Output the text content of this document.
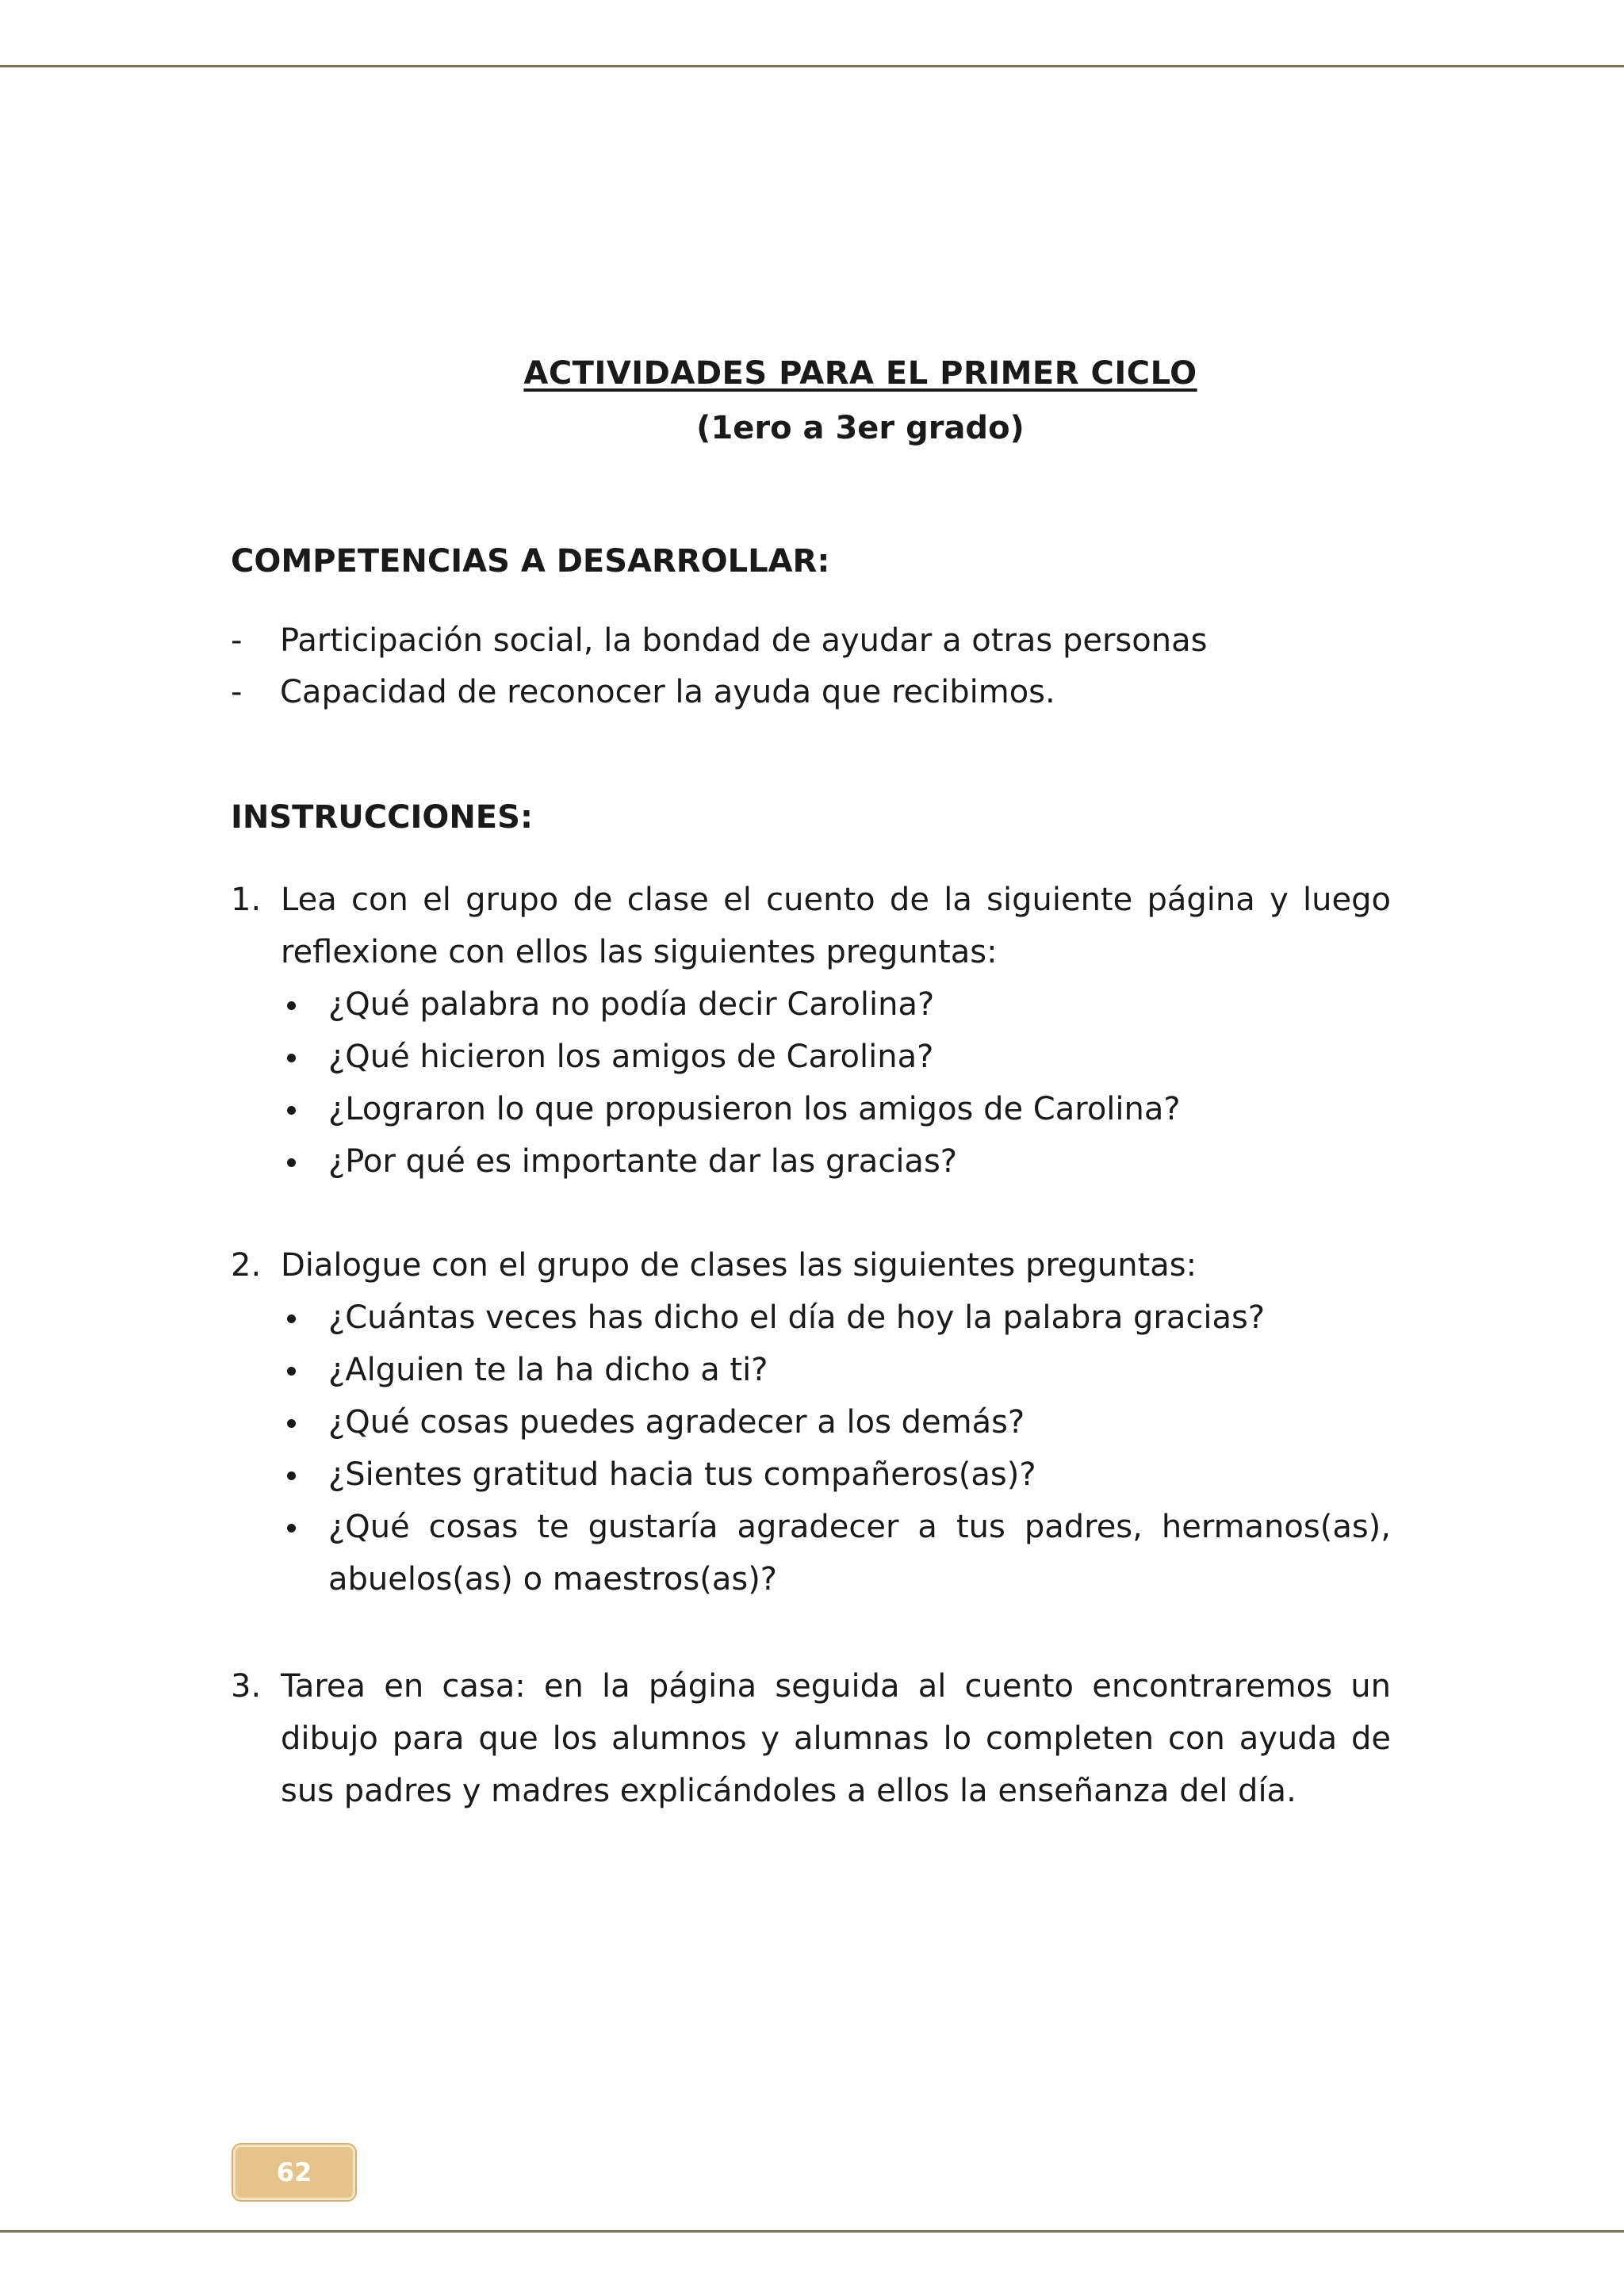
ACTIVIDADES PARA EL PRIMER CICLO
(1ero a 3er grado)
COMPETENCIAS A DESARROLLAR:
- Participación social, la bondad de ayudar a otras personas
- Capacidad de reconocer la ayuda que recibimos.
INSTRUCCIONES:
1. Lea con el grupo de clase el cuento de la siguiente página y luego reflexione con ellos las siguientes preguntas:
¿Qué palabra no podía decir Carolina?
¿Qué hicieron los amigos de Carolina?
¿Lograron lo que propusieron los amigos de Carolina?
¿Por qué es importante dar las gracias?
2. Dialogue con el grupo de clases las siguientes preguntas:
¿Cuántas veces has dicho el día de hoy la palabra gracias?
¿Alguien te la ha dicho a ti?
¿Qué cosas puedes agradecer a los demás?
¿Sientes gratitud hacia tus compañeros(as)?
¿Qué cosas te gustaría agradecer a tus padres, hermanos(as), abuelos(as) o maestros(as)?
3. Tarea en casa: en la página seguida al cuento encontraremos un dibujo para que los alumnos y alumnas lo completen con ayuda de sus padres y madres explicándoles a ellos la enseñanza del día.
62
